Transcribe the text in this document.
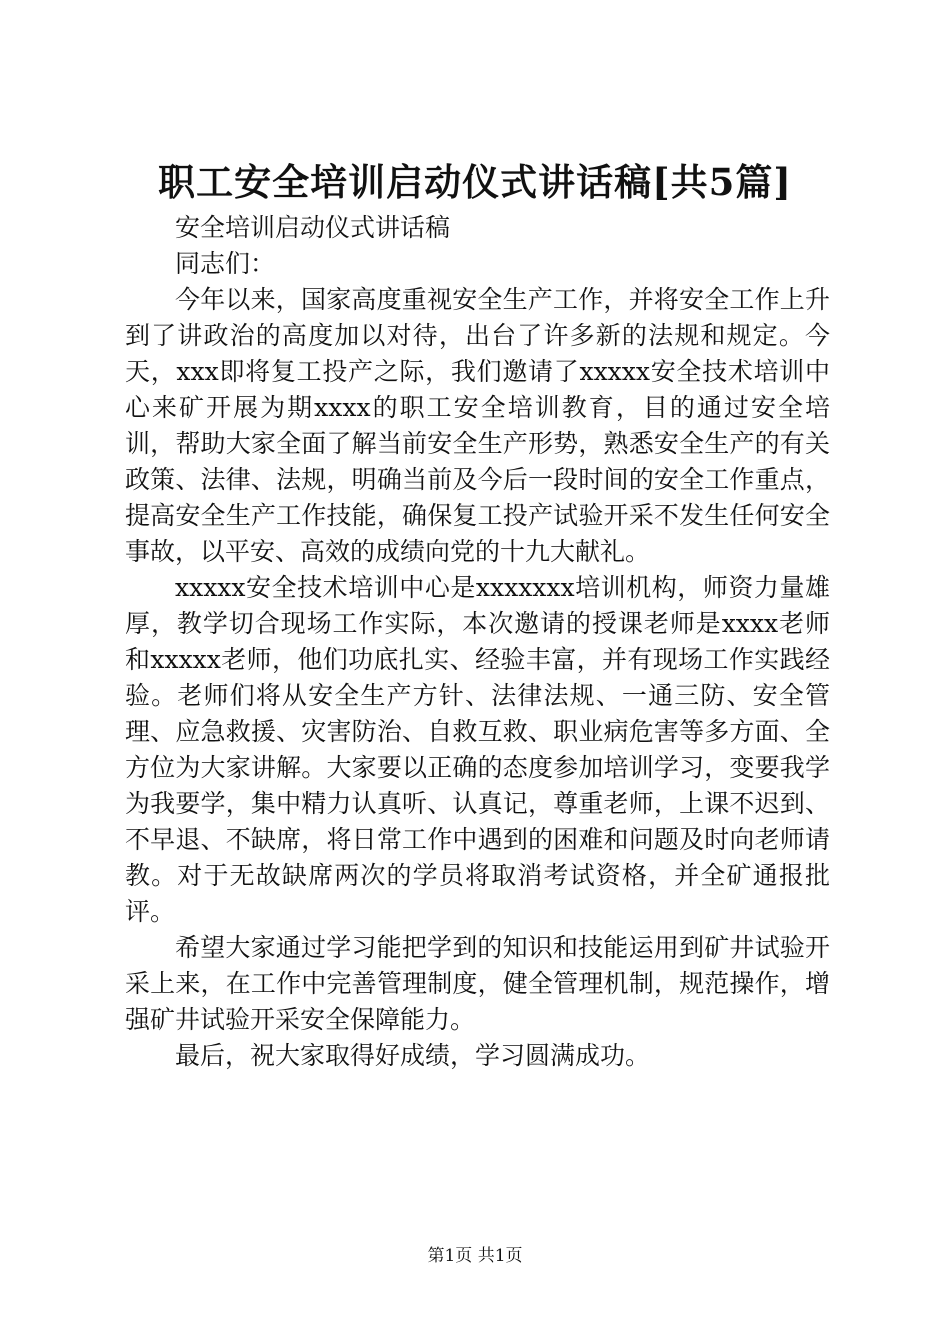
职工安全培训启动仪式讲话稿[共5篇]

安全培训启动仪式讲话稿

同志们：

今年以来，国家高度重视安全生产工作，并将安全工作上升到了讲政治的高度加以对待，出台了许多新的法规和规定。今天，xxx即将复工投产之际，我们邀请了xxxxx安全技术培训中心来矿开展为期xxxx的职工安全培训教育，目的通过安全培训，帮助大家全面了解当前安全生产形势，熟悉安全生产的有关政策、法律、法规，明确当前及今后一段时间的安全工作重点，提高安全生产工作技能，确保复工投产试验开采不发生任何安全事故，以平安、高效的成绩向党的十九大献礼。

xxxxx安全技术培训中心是xxxxxxx培训机构，师资力量雄厚，教学切合现场工作实际，本次邀请的授课老师是xxxx老师和xxxxx老师，他们功底扎实、经验丰富，并有现场工作实践经验。老师们将从安全生产方针、法律法规、一通三防、安全管理、应急救援、灾害防治、自救互救、职业病危害等多方面、全方位为大家讲解。大家要以正确的态度参加培训学习，变要我学为我要学，集中精力认真听、认真记，尊重老师，上课不迟到、不早退、不缺席，将日常工作中遇到的困难和问题及时向老师请教。对于无故缺席两次的学员将取消考试资格，并全矿通报批评。

希望大家通过学习能把学到的知识和技能运用到矿井试验开采上来，在工作中完善管理制度，健全管理机制，规范操作，增强矿井试验开采安全保障能力。

最后，祝大家取得好成绩，学习圆满成功。

第1页 共1页
